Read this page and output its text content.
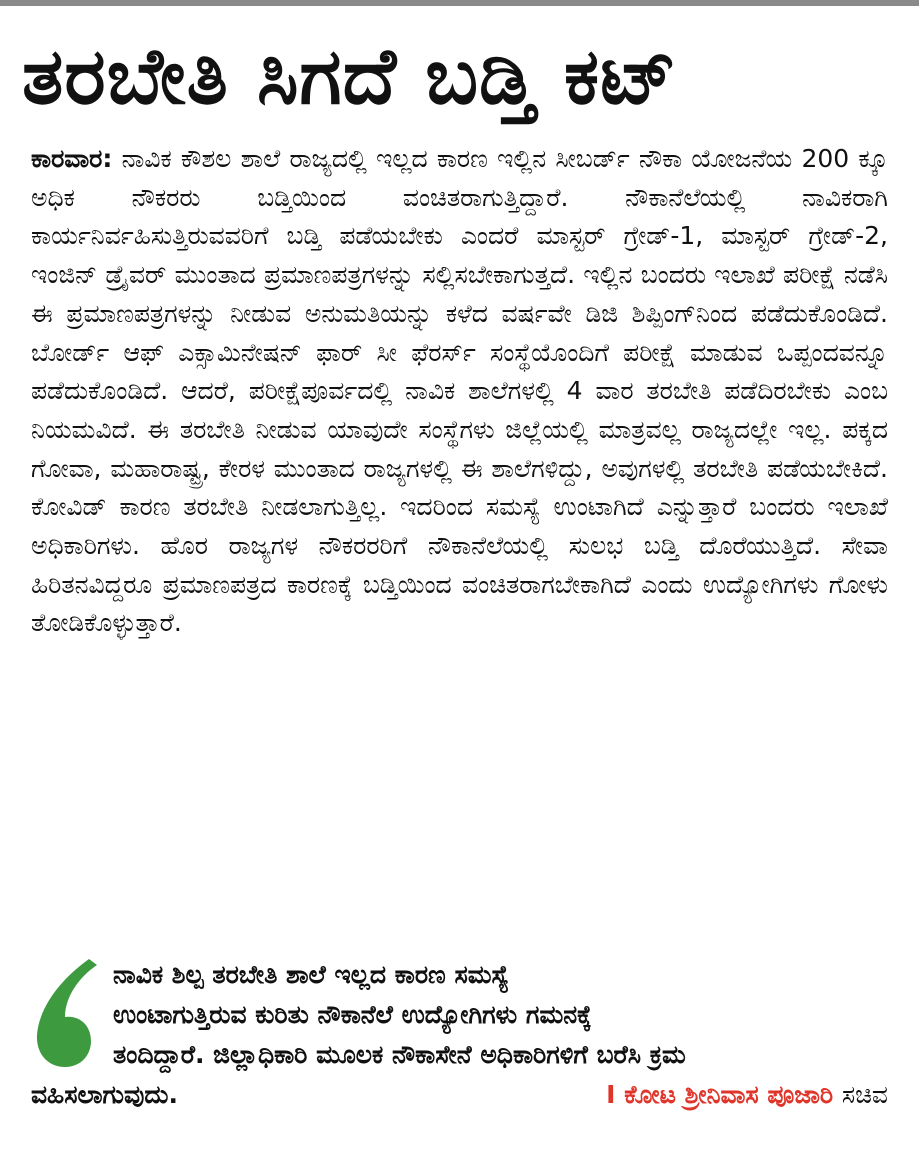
ತರಬೇತಿ ಸಿಗದೆ ಬಡ್ತಿ ಕಟ್

ಕಾರವಾರ: ನಾವಿಕ ಕೌಶಲ ಶಾಲೆ ರಾಜ್ಯದಲ್ಲಿ ಇಲ್ಲದ ಕಾರಣ ಇಲ್ಲಿನ ಸೀಬರ್ಡ್ ನೌಕಾ ಯೋಜನೆಯ 200 ಕ್ಕೂ ಅಧಿಕ ನೌಕರರು ಬಡ್ತಿಯಿಂದ ವಂಚಿತರಾಗುತ್ತಿದ್ದಾರೆ. ನೌಕಾನೆಲೆಯಲ್ಲಿ ನಾವಿಕರಾಗಿ ಕಾರ್ಯನಿರ್ವಹಿಸುತ್ತಿರುವವರಿಗೆ ಬಡ್ತಿ ಪಡೆಯಬೇಕು ಎಂದರೆ ಮಾಸ್ಟರ್ ಗ್ರೇಡ್-1, ಮಾಸ್ಟರ್ ಗ್ರೇಡ್-2, ಇಂಜಿನ್ ಡ್ರೈವರ್ ಮುಂತಾದ ಪ್ರಮಾಣಪತ್ರಗಳನ್ನು ಸಲ್ಲಿಸಬೇಕಾಗುತ್ತದೆ. ಇಲ್ಲಿನ ಬಂದರು ಇಲಾಖೆ ಪರೀಕ್ಷೆ ನಡೆಸಿ ಈ ಪ್ರಮಾಣಪತ್ರಗಳನ್ನು ನೀಡುವ ಅನುಮತಿಯನ್ನು ಕಳೆದ ವರ್ಷವೇ ಡಿಜಿ ಶಿಪ್ಪಿಂಗ್‌ನಿಂದ ಪಡೆದುಕೊಂಡಿದೆ. ಬೋರ್ಡ್ ಆಫ್ ಎಕ್ಸಾಮಿನೇಷನ್ ಫಾರ್ ಸೀ ಫೆರರ್ಸ್ ಸಂಸ್ಥೆಯೊಂದಿಗೆ ಪರೀಕ್ಷೆ ಮಾಡುವ ಒಪ್ಪಂದವನ್ನೂ ಪಡೆದುಕೊಂಡಿದೆ. ಆದರೆ, ಪರೀಕ್ಷೆಪೂರ್ವದಲ್ಲಿ ನಾವಿಕ ಶಾಲೆಗಳಲ್ಲಿ 4 ವಾರ ತರಬೇತಿ ಪಡೆದಿರಬೇಕು ಎಂಬ ನಿಯಮವಿದೆ. ಈ ತರಬೇತಿ ನೀಡುವ ಯಾವುದೇ ಸಂಸ್ಥೆಗಳು ಜಿಲ್ಲೆಯಲ್ಲಿ ಮಾತ್ರವಲ್ಲ ರಾಜ್ಯದಲ್ಲೇ ಇಲ್ಲ. ಪಕ್ಕದ ಗೋವಾ, ಮಹಾರಾಷ್ಟ್ರ, ಕೇರಳ ಮುಂತಾದ ರಾಜ್ಯಗಳಲ್ಲಿ ಈ ಶಾಲೆಗಳಿದ್ದು, ಅವುಗಳಲ್ಲಿ ತರಬೇತಿ ಪಡೆಯಬೇಕಿದೆ. ಕೋವಿಡ್ ಕಾರಣ ತರಬೇತಿ ನೀಡಲಾಗುತ್ತಿಲ್ಲ. ಇದರಿಂದ ಸಮಸ್ಯೆ ಉಂಟಾಗಿದೆ ಎನ್ನುತ್ತಾರೆ ಬಂದರು ಇಲಾಖೆ ಅಧಿಕಾರಿಗಳು. ಹೊರ ರಾಜ್ಯಗಳ ನೌಕರರರಿಗೆ ನೌಕಾನೆಲೆಯಲ್ಲಿ ಸುಲಭ ಬಡ್ತಿ ದೊರೆಯುತ್ತಿದೆ. ಸೇವಾ ಹಿರಿತನವಿದ್ದರೂ ಪ್ರಮಾಣಪತ್ರದ ಕಾರಣಕ್ಕೆ ಬಡ್ತಿಯಿಂದ ವಂಚಿತರಾಗಬೇಕಾಗಿದೆ ಎಂದು ಉದ್ಯೋಗಿಗಳು ಗೋಳು ತೋಡಿಕೊಳ್ಳುತ್ತಾರೆ.

ನಾವಿಕ ಶಿಲ್ಪ ತರಬೇತಿ ಶಾಲೆ ಇಲ್ಲದ ಕಾರಣ ಸಮಸ್ಯೆ
ಉಂಟಾಗುತ್ತಿರುವ ಕುರಿತು ನೌಕಾನೆಲೆ ಉದ್ಯೋಗಿಗಳು ಗಮನಕ್ಕೆ
ತಂದಿದ್ದಾರೆ. ಜಿಲ್ಲಾಧಿಕಾರಿ ಮೂಲಕ ನೌಕಾಸೇನೆ ಅಧಿಕಾರಿಗಳಿಗೆ ಬರೆಸಿ ಕ್ರಮ
ವಹಿಸಲಾಗುವುದು.	I ಕೋಟ ಶ್ರೀನಿವಾಸ ಪೂಜಾರಿ ಸಚಿವ
